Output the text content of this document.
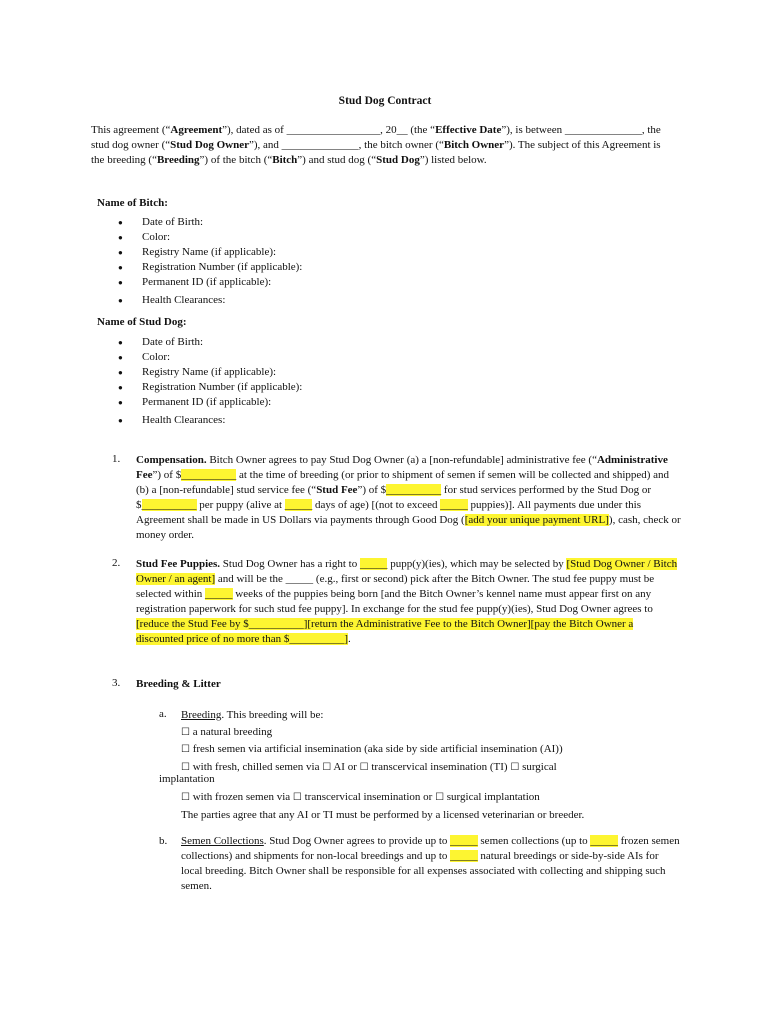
Stud Dog Contract
This agreement (“Agreement”), dated as of _________________, 20__ (the “Effective Date”), is between ______________, the stud dog owner (“Stud Dog Owner”), and ______________, the bitch owner (“Bitch Owner”). The subject of this Agreement is the breeding (“Breeding”) of the bitch (“Bitch”) and stud dog (“Stud Dog”) listed below.
Name of Bitch:
● Date of Birth:
● Color:
● Registry Name (if applicable):
● Registration Number (if applicable):
● Permanent ID (if applicable):
● Health Clearances:
Name of Stud Dog:
● Date of Birth:
● Color:
● Registry Name (if applicable):
● Registration Number (if applicable):
● Permanent ID (if applicable):
● Health Clearances:
1.	Compensation. Bitch Owner agrees to pay Stud Dog Owner (a) a [non-refundable] administrative fee (“Administrative Fee”) of $__________ at the time of breeding (or prior to shipment of semen if semen will be collected and shipped) and (b) a [non-refundable] stud service fee (“Stud Fee”) of $__________ for stud services performed by the Stud Dog or $__________ per puppy (alive at _____ days of age) [(not to exceed _____ puppies)]. All payments due under this Agreement shall be made in US Dollars via payments through Good Dog ([add your unique payment URL]), cash, check or money order.
2.	Stud Fee Puppies. Stud Dog Owner has a right to _____ pupp(y)(ies), which may be selected by [Stud Dog Owner / Bitch Owner / an agent] and will be the _____ (e.g., first or second) pick after the Bitch Owner. The stud fee puppy must be selected within _____ weeks of the puppies being born [and the Bitch Owner’s kennel name must appear first on any registration paperwork for such stud fee puppy]. In exchange for the stud fee pupp(y)(ies), Stud Dog Owner agrees to [reduce the Stud Fee by $__________][return the Administrative Fee to the Bitch Owner][pay the Bitch Owner a discounted price of no more than $__________].
3.	Breeding & Litter
a. Breeding. This breeding will be:
☐ a natural breeding
☐ fresh semen via artificial insemination (aka side by side artificial insemination (AI))
☐ with fresh, chilled semen via ☐ AI or ☐ transcervical insemination (TI) ☐ surgical
implantation
☐ with frozen semen via ☐ transcervical insemination or ☐ surgical implantation
The parties agree that any AI or TI must be performed by a licensed veterinarian or breeder.
b. Semen Collections. Stud Dog Owner agrees to provide up to _____ semen collections (up to _____ frozen semen collections) and shipments for non-local breedings and up to _____ natural breedings or side-by-side AIs for local breeding. Bitch Owner shall be responsible for all expenses associated with collecting and shipping such semen.
